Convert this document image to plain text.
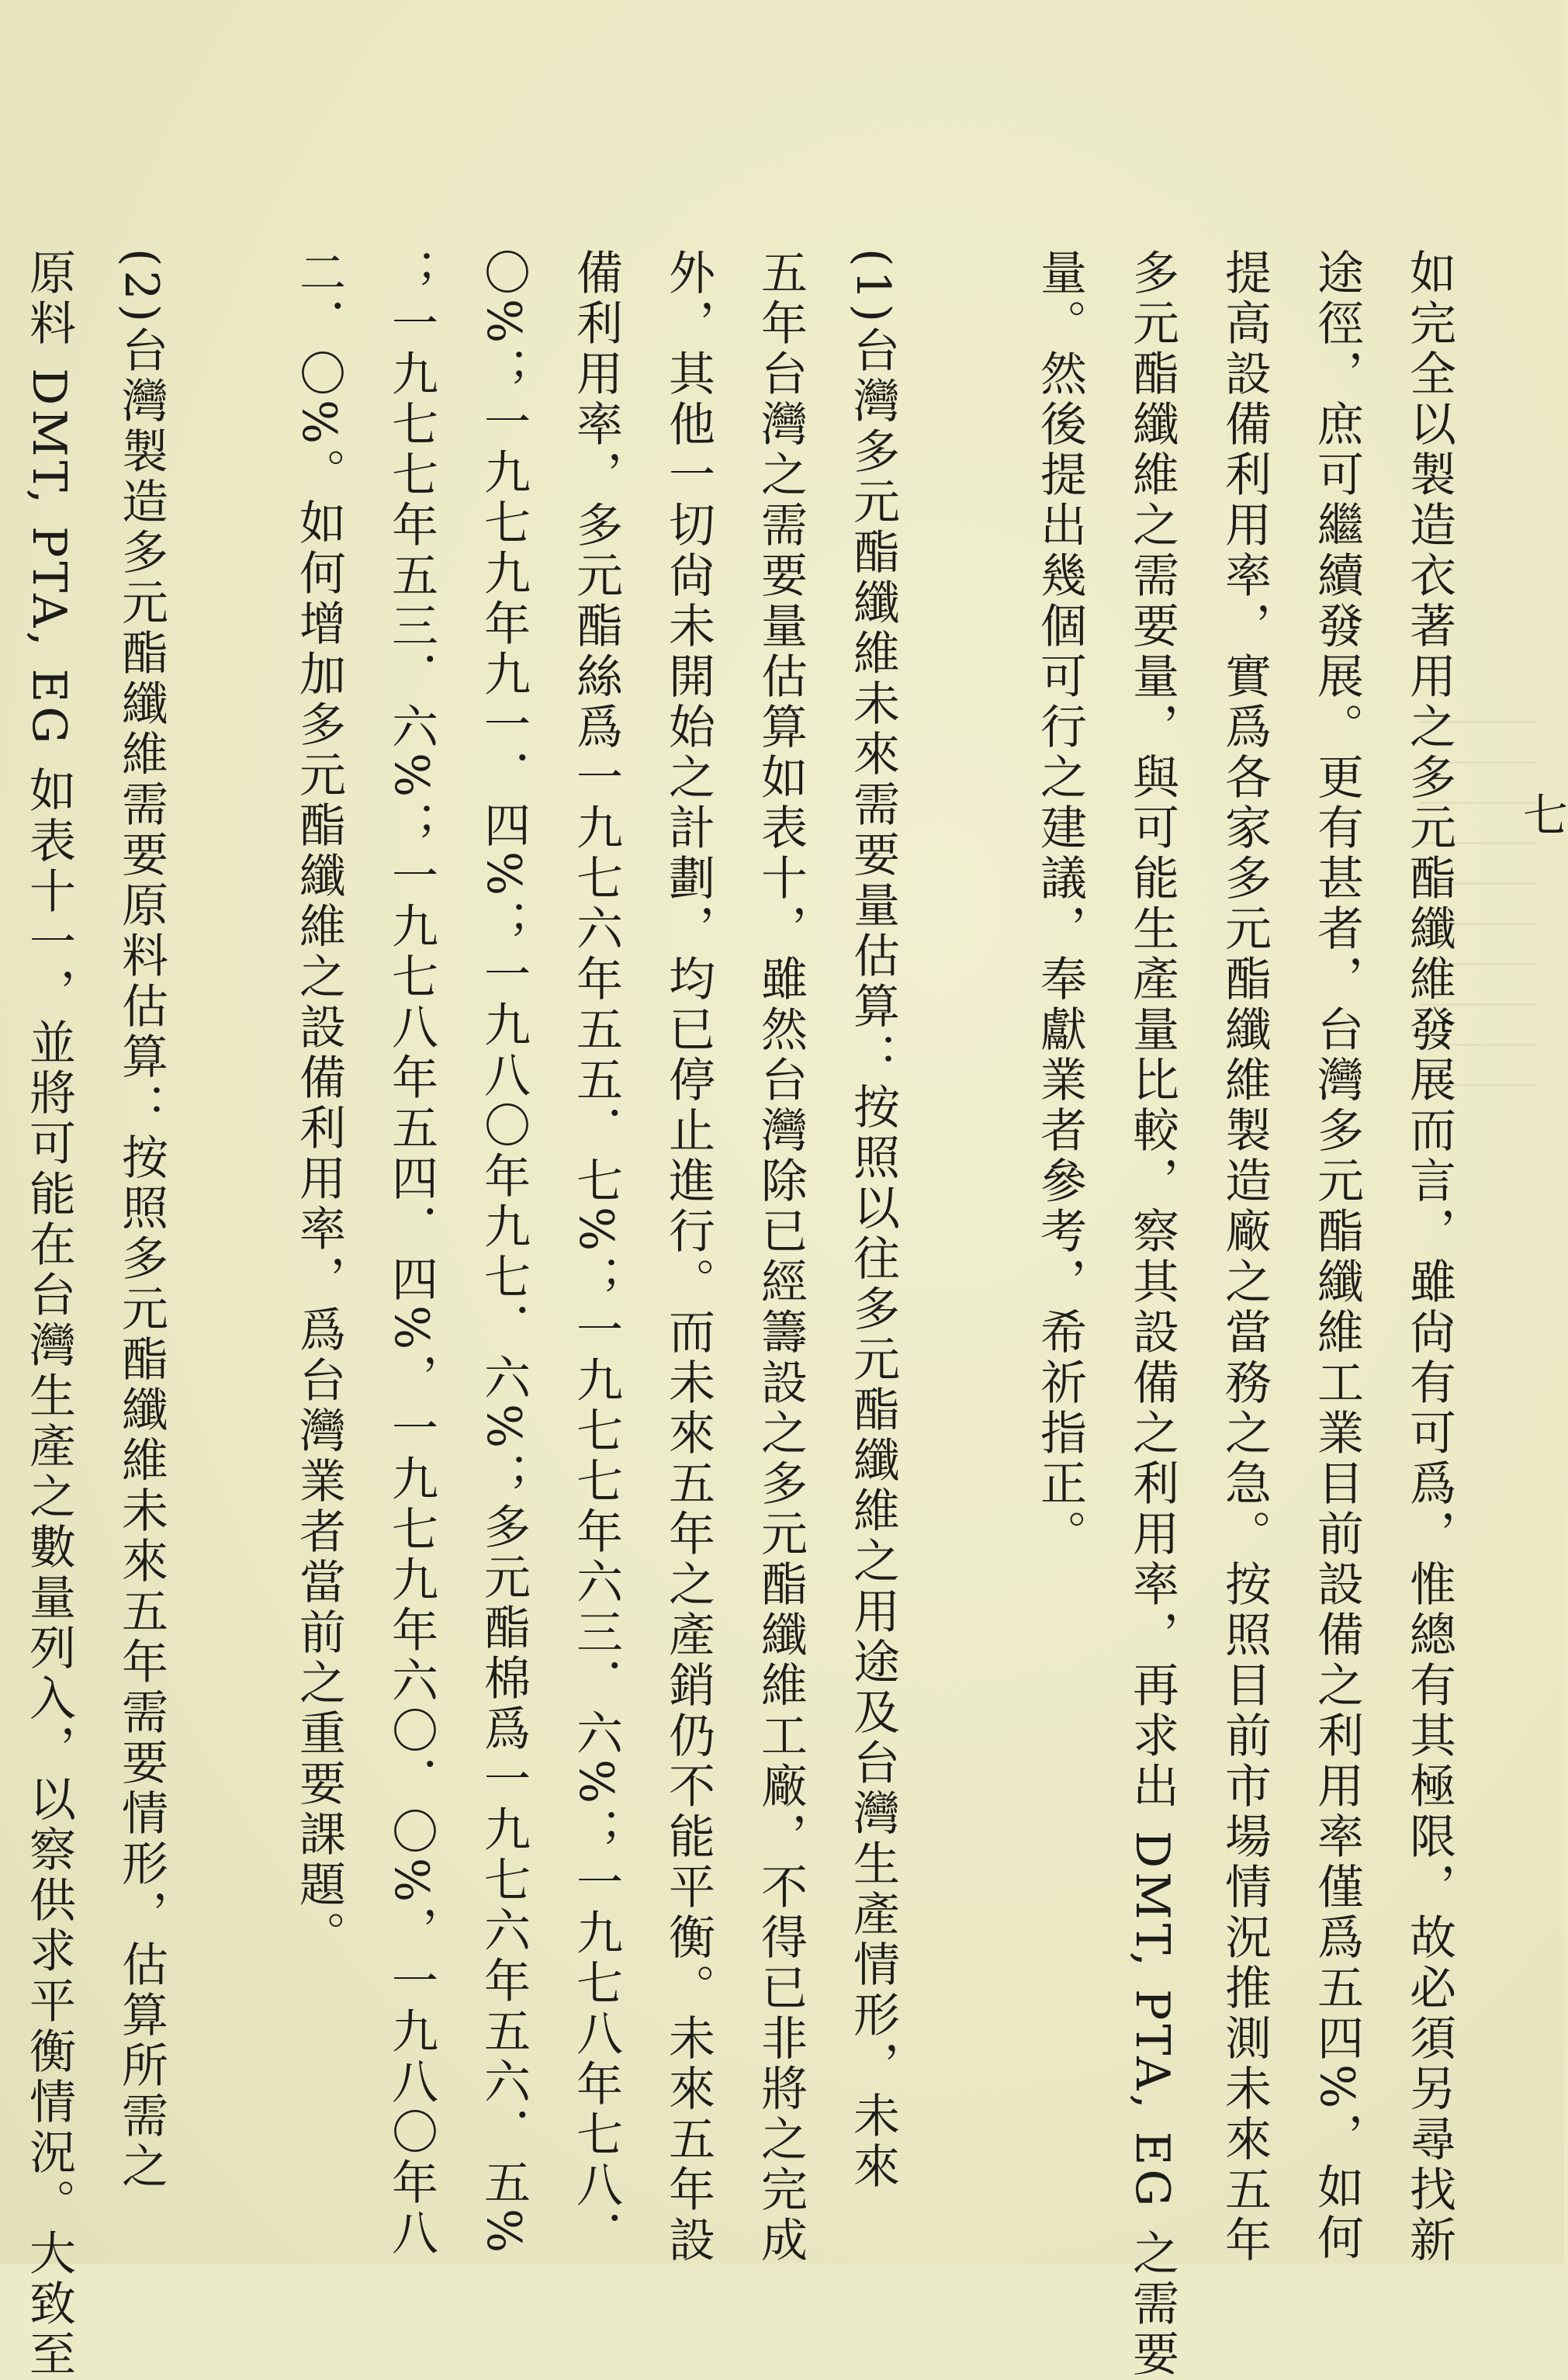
七
如完全以製造衣著用之多元酯纖維發展而言，雖尙有可爲，惟總有其極限，故必須另尋找新
途徑，庶可繼續發展。更有甚者，台灣多元酯纖維工業目前設備之利用率僅爲五四%，如何
提高設備利用率，實爲各家多元酯纖維製造廠之當務之急。按照目前市場情況推測未來五年
多元酯纖維之需要量，與可能生產量比較，察其設備之利用率，再求出 DMT, PTA, EG 之需要
量。然後提出幾個可行之建議，奉獻業者參考，希祈指正。
(1)台灣多元酯纖維未來需要量估算：按照以往多元酯纖維之用途及台灣生產情形，未來
五年台灣之需要量估算如表十，雖然台灣除已經籌設之多元酯纖維工廠，不得已非將之完成
外，其他一切尙未開始之計劃，均已停止進行。而未來五年之產銷仍不能平衡。未來五年設
備利用率，多元酯絲爲一九七六年五五．七%；一九七七年六三．六%；一九七八年七八．
〇%；一九七九年九一．四%；一九八〇年九七．六%；多元酯棉爲一九七六年五六．五%
；一九七七年五三．六%；一九七八年五四．四%，一九七九年六〇．〇%，一九八〇年八
二．〇%。如何增加多元酯纖維之設備利用率，爲台灣業者當前之重要課題。
(2)台灣製造多元酯纖維需要原料估算：按照多元酯纖維未來五年需要情形，估算所需之
原料 DMT, PTA, EG 如表十一，並將可能在台灣生產之數量列入，以察供求平衡情況。大致至
